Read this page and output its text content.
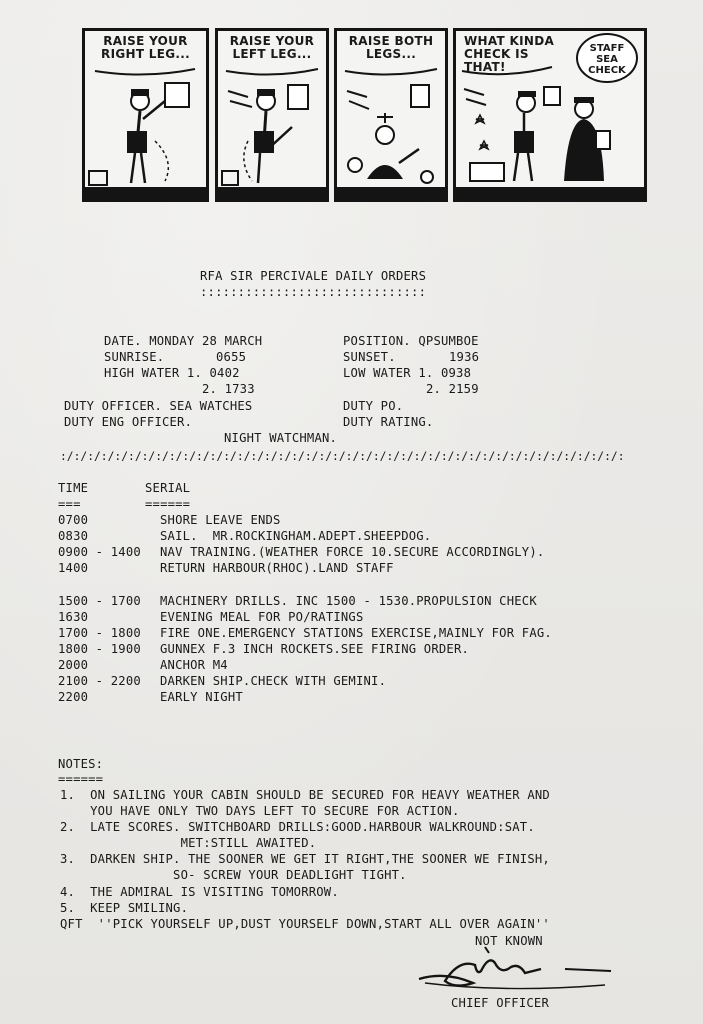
RAISE YOUR RIGHT LEG...
RAISE YOUR LEFT LEG...
RAISE BOTH LEGS...
WHAT KINDA CHECK IS THAT!
STAFF SEA CHECK
RFA SIR PERCIVALE DAILY ORDERS
::::::::::::::::::::::::::::::
DATE. MONDAY 28 MARCH	POSITION. QPSUMBOE
SUNRISE.	0655	SUNSET.	1936
HIGH WATER 1. 0402	LOW WATER 1. 0938
2. 1733	2. 2159
DUTY OFFICER. SEA WATCHES	DUTY PO.
DUTY ENG OFFICER.	DUTY RATING.
NIGHT WATCHMAN.
:/:/:/:/:/:/:/:/:/:/:/:/:/:/:/:/:/:/:/:/:/:/:/:/:/:/:/:/:/:/:/:/:/:/:/:/:/:/:/:/:/:
TIME	SERIAL
===	======
0700	SHORE LEAVE ENDS
0830	SAIL.  MR.ROCKINGHAM.ADEPT.SHEEPDOG.
0900 - 1400 NAV TRAINING.(WEATHER FORCE 10.SECURE ACCORDINGLY).
1400	RETURN HARBOUR(RHOC).LAND STAFF
1500 - 1700 MACHINERY DRILLS. INC 1500 - 1530.PROPULSION CHECK
1630	EVENING MEAL FOR PO/RATINGS
1700 - 1800 FIRE ONE.EMERGENCY STATIONS EXERCISE,MAINLY FOR FAG.
1800 - 1900 GUNNEX F.3 INCH ROCKETS.SEE FIRING ORDER.
2000	ANCHOR M4
2100 - 2200 DARKEN SHIP.CHECK WITH GEMINI.
2200	EARLY NIGHT
NOTES:
======
1.  ON SAILING YOUR CABIN SHOULD BE SECURED FOR HEAVY WEATHER AND
YOU HAVE ONLY TWO DAYS LEFT TO SECURE FOR ACTION.
2.  LATE SCORES. SWITCHBOARD DRILLS:GOOD.HARBOUR WALKROUND:SAT.
MET:STILL AWAITED.
3.  DARKEN SHIP. THE SOONER WE GET IT RIGHT,THE SOONER WE FINISH,
SO- SCREW YOUR DEADLIGHT TIGHT.
4.  THE ADMIRAL IS VISITING TOMORROW.
5.  KEEP SMILING.
QFT  ''PICK YOURSELF UP,DUST YOURSELF DOWN,START ALL OVER AGAIN''
NOT KNOWN
CHIEF OFFICER
